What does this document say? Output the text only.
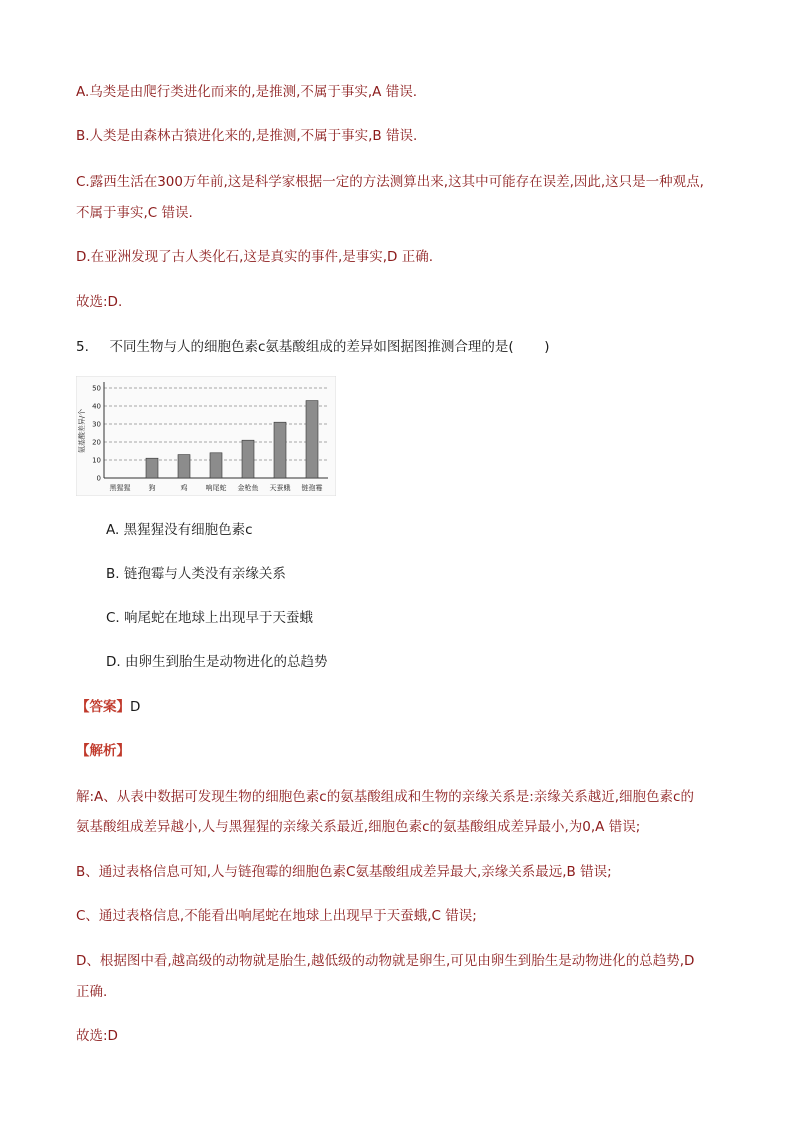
A.乌类是由爬行类进化而来的,是推测,不属于事实,A 错误.
B.人类是由森林古猿进化来的,是推测,不属于事实,B 错误.
C.露西生活在300万年前,这是科学家根据一定的方法测算出来,这其中可能存在误差,因此,这只是一种观点,
不属于事实,C 错误.
D.在亚洲发现了古人类化石,这是真实的事件,是事实,D 正确.
故选:D.
5. 不同生物与人的细胞色素c氨基酸组成的差异如图据图推测合理的是( )
氨基酸差异/个
0
10
20
30
40
50
黑猩猩	狗	鸡	响尾蛇 金枪鱼 天蚕蛾 链孢霉
A. 黑猩猩没有细胞色素c
B. 链孢霉与人类没有亲缘关系
C. 响尾蛇在地球上出现早于天蚕蛾
D. 由卵生到胎生是动物进化的总趋势
【答案】D
【解析】
解:A、从表中数据可发现生物的细胞色素c的氨基酸组成和生物的亲缘关系是:亲缘关系越近,细胞色素c的
氨基酸组成差异越小,人与黑猩猩的亲缘关系最近,细胞色素c的氨基酸组成差异最小,为0,A 错误;
B、通过表格信息可知,人与链孢霉的细胞色素C氨基酸组成差异最大,亲缘关系最远,B 错误;
C、通过表格信息,不能看出响尾蛇在地球上出现早于天蚕蛾,C 错误;
D、根据图中看,越高级的动物就是胎生,越低级的动物就是卵生,可见由卵生到胎生是动物进化的总趋势,D
正确.
故选:D
